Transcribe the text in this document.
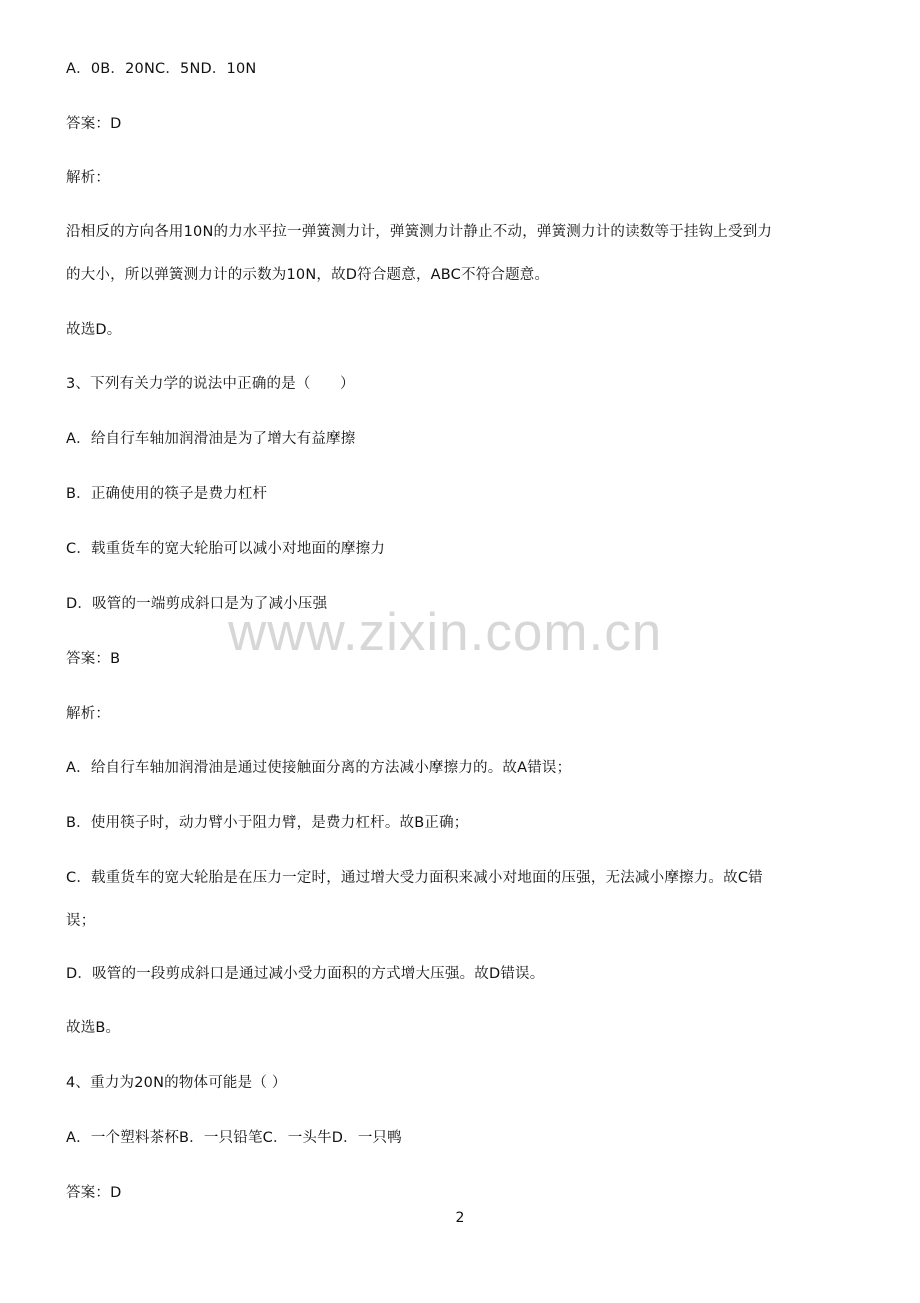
www.zixin.com.cn
A．0B．20NC．5ND．10N
答案：D
解析：
沿相反的方向各用10N的力水平拉一弹簧测力计，弹簧测力计静止不动，弹簧测力计的读数等于挂钩上受到力
的大小，所以弹簧测力计的示数为10N，故D符合题意，ABC不符合题意。
故选D。
3、下列有关力学的说法中正确的是（　　）
A．给自行车轴加润滑油是为了增大有益摩擦
B．正确使用的筷子是费力杠杆
C．载重货车的宽大轮胎可以减小对地面的摩擦力
D．吸管的一端剪成斜口是为了减小压强
答案：B
解析：
A．给自行车轴加润滑油是通过使接触面分离的方法减小摩擦力的。故A错误；
B．使用筷子时，动力臂小于阻力臂，是费力杠杆。故B正确；
C．载重货车的宽大轮胎是在压力一定时，通过增大受力面积来减小对地面的压强，无法减小摩擦力。故C错
误；
D．吸管的一段剪成斜口是通过减小受力面积的方式增大压强。故D错误。
故选B。
4、重力为20N的物体可能是（ ）
A．一个塑料茶杯B．一只铅笔C．一头牛D．一只鸭
答案：D
2
